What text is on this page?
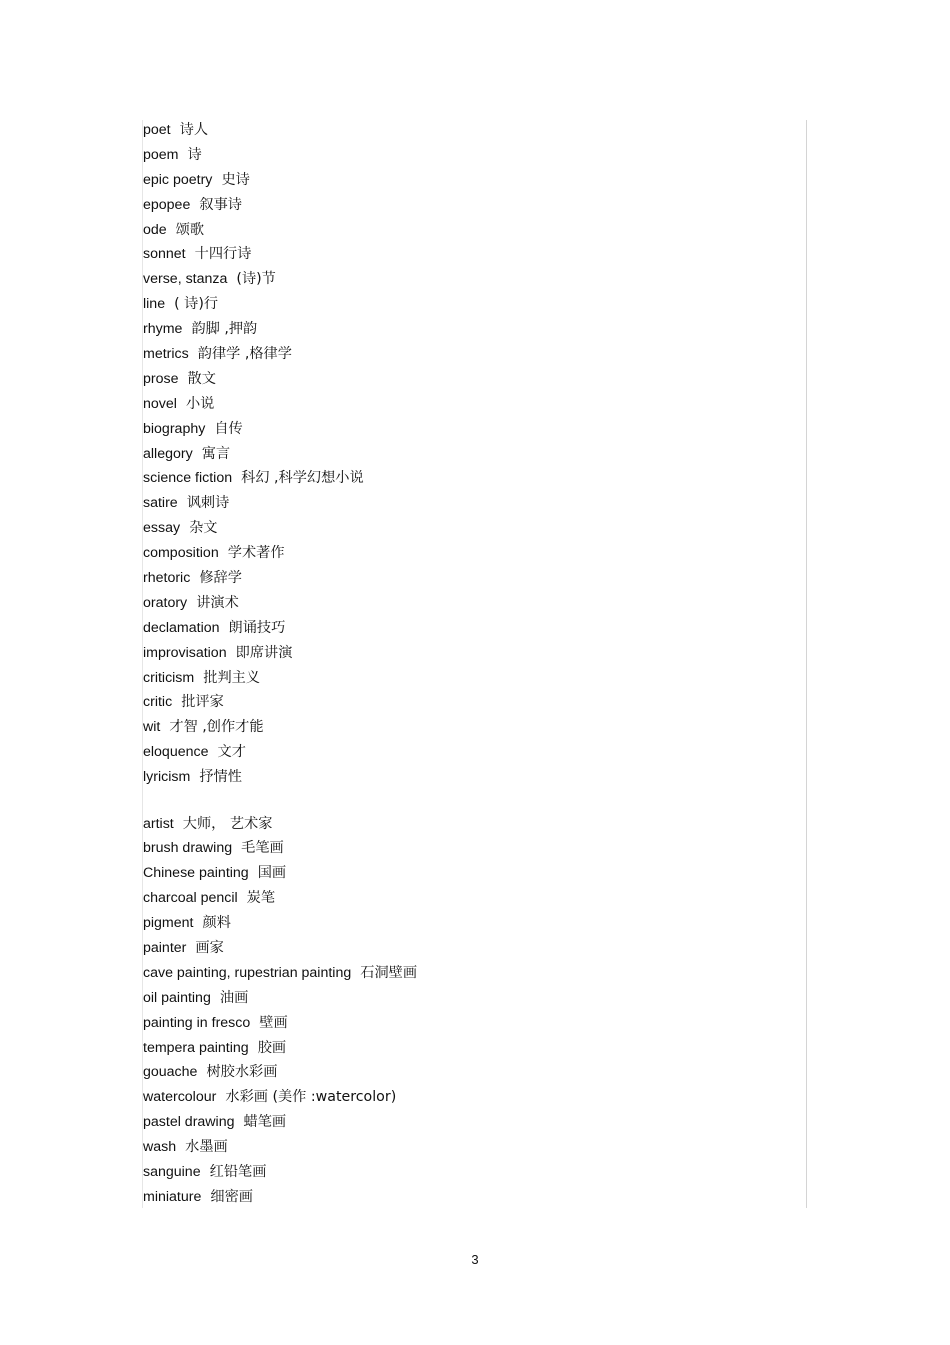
poet 诗人
poem 诗
epic poetry 史诗
epopee 叙事诗
ode 颂歌
sonnet 十四行诗
verse, stanza (诗)节
line ( 诗)行
rhyme 韵脚 ,押韵
metrics 韵律学 ,格律学
prose 散文
novel 小说
biography 自传
allegory 寓言
science fiction 科幻 ,科学幻想小说
satire 讽刺诗
essay 杂文
composition 学术著作
rhetoric 修辞学
oratory 讲演术
declamation 朗诵技巧
improvisation 即席讲演
criticism 批判主义
critic 批评家
wit 才智 ,创作才能
eloquence 文才
lyricism 抒情性
artist 大师， 艺术家
brush drawing 毛笔画
Chinese painting 国画
charcoal pencil 炭笔
pigment 颜料
painter 画家
cave painting, rupestrian painting 石洞壁画
oil painting 油画
painting in fresco 壁画
tempera painting 胶画
gouache 树胶水彩画
watercolour 水彩画 (美作 :watercolor)
pastel drawing 蜡笔画
wash 水墨画
sanguine 红铅笔画
miniature 细密画
3
